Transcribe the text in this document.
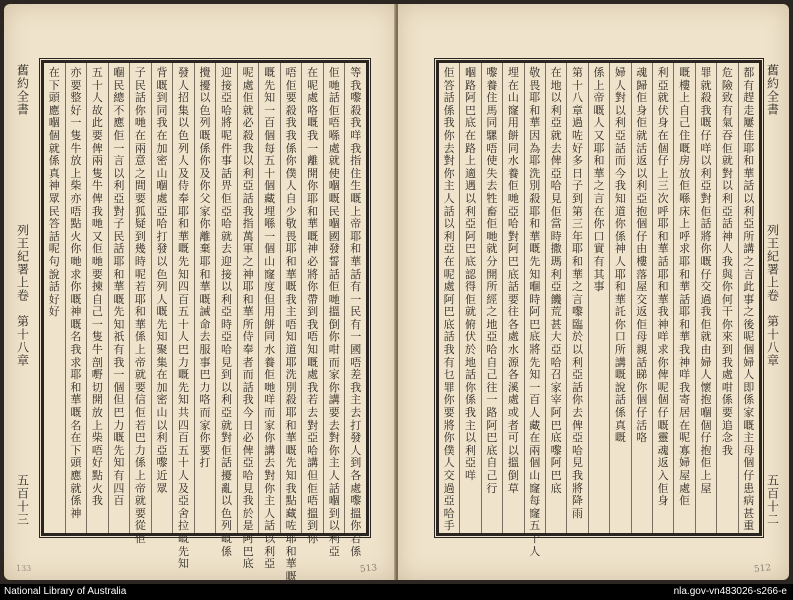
舊約全書
列王紀署上卷　第十八章
五百十三
等我嚟殺我咩我指住生嘅上帝耶和華話有一民有一國唔差我主去打發人到各處嚟搵你若係
佢哋話佢唔喺處就使嗰嘅民嗰國發誓話佢哋搵倒你咁而家你講要去對你主人話嗰到以利亞
在呢處咯嘅我一離開你耶和華嘅神必將你帶到我唔知嘅處我若去對亞哈講但佢唔搵到你
唔佢要殺我我係你僕人自少敬畏耶和華嘅我主唔知道耶洗別殺耶和華嘅先知我點藏咗耶和華嘅
嘅先知一百個每五十個藏埋喺一個山窿度但用餅同水養佢哋咩而家你講去對你主人話以利亞
呢處佢就必殺我以利亞話我指萬軍之神耶和華所侍奉者而話我今日必俾亞哈見我於是阿巴底
迎接亞哈將呢件事話畀佢亞哈就去迎接以利亞時亞哈見到以利亞就對佢話擾亂以色列嘅係
攪擾以色列嘅係你及你父家你離棄耶和華嘅誡命去服事巴力咯而家你要打
發人招集以色列人及侍奉耶和華嘅先知四百五十人巴力嘅先知共四百五十人及亞舍拉嘅先知
背嘅到同我在加密山嗰處亞哈打發以色列人嘅先知聚集在加密山以利亞嚟近眾
子民話你哋在兩意之間要狐疑到幾時呢若耶和華係上帝就要信佢若巴力係上帝就要從佢
嗰民總不應佢一言以利亞對子民話耶和華嘅先知祇有我一個但巴力嘅先知有四百
五十人故此要俾兩隻牛俾我哋又佢哋要揀自己一隻牛剖嘢切開放上柴唔好點火我
亦要整好一隻牛放上柴亦唔點火你哋求你嘅神嘅名我求耶和華嘅名在下頭應就係神
在下頭應嗰個就係真神眾民答話呢句說話好好
133	513
都有趕走屢佳耶和華話以利亞所講之言此事之後呢個婦人即係家嘅主母個仔患病甚重
危險致有氣吞佢就對以利亞話神人我與你何干你來到我處咁係要追念我
罪就殺我嘅仔咩以利亞對佢話將你嘅仔交過我佢就由婦人懷抱嗰個仔抱佢上屋
嘅樓上自己住嘅房放佢喺床上呼求耶和華話耶和華我神咩我寄居在呢寡婦屋處佢
利亞就伏身在個仔上三次呼耶和華話耶和華我神咩求你俾呢個仔嘅靈魂返入佢身
魂歸佢身佢就活返以利亞抱個仔由樓落屋交返佢母親話睇你個仔活咯
婦人對以利亞話而今我知道你係神人耶和華託你口所講嘅說話係真嘅
係上帝嘅人又耶和華之言在你口實有其事
第十八章　過咗好多日子到第三年耶和華之言嚟臨於以利亞話你去俾亞哈見我將降雨
在地以利亞就去俾亞哈見佢當時撒瑪利亞饑荒甚大亞哈召家宰阿巴底嚟阿巴底
敬畏耶和華因為耶洗別殺耶和華嘅先知嗰時阿巴底將先知一百人藏在兩個山窿每窿五十人
埋在山窿用餅同水養佢哋亞哈對阿巴底話要往各處水源各溪處或者可以搵倒草
嚟養住馬同騾唔使失去牲畜佢哋就分開所經之地亞哈自己往一路阿巴底自己行
嗰路阿巴底在路上適遇以利亞阿巴底認得佢就俯伏於地話你係我主以利亞咩
佢答話係我你去對你主人話以利亞在呢處阿巴底話我有乜罪你要將你僕人交過亞哈手
舊約全書
列王紀署上卷　第十八章
五百十二
512
National Library of Australia	nla.gov-vn483026-s266-e
